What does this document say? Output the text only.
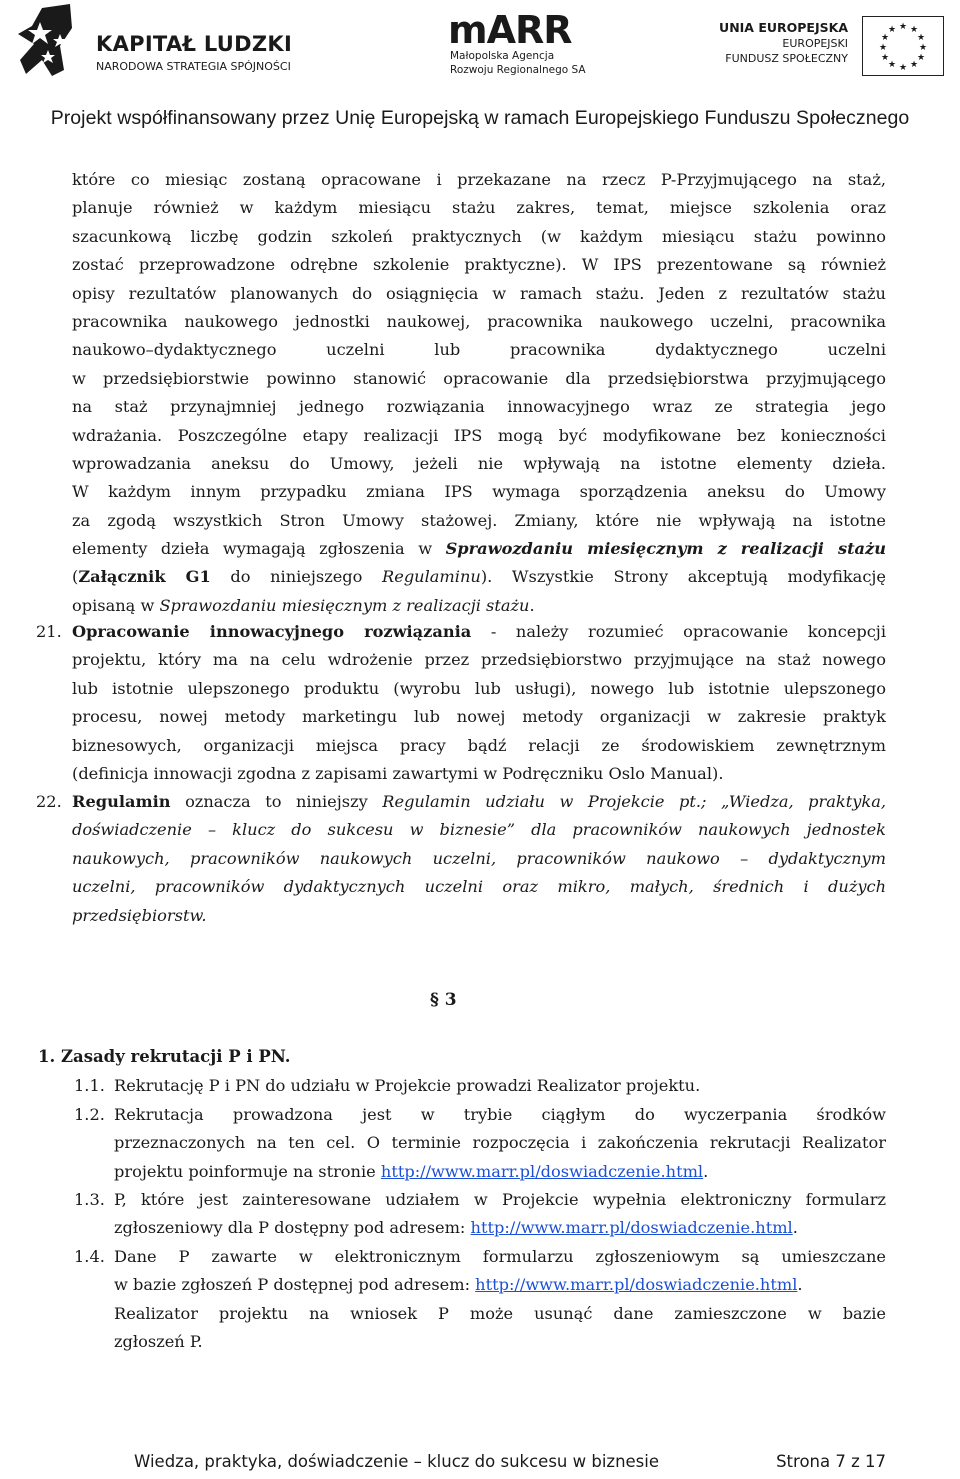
KAPITAŁ LUDZKI
NARODOWA STRATEGIA SPÓJNOŚCI
mARR
Małopolska Agencja
Rozwoju Regionalnego SA
UNIA EUROPEJSKA
EUROPEJSKI
FUNDUSZ SPOŁECZNY
★ ★
★
★
★
★
★
★
★
★
★
★
Projekt współfinansowany przez Unię Europejską w ramach Europejskiego Funduszu Społecznego
które co miesiąc zostaną opracowane i przekazane na rzecz P-Przyjmującego na staż,
planuje również w każdym miesiącu stażu zakres, temat, miejsce szkolenia oraz
szacunkową liczbę godzin szkoleń praktycznych (w każdym miesiącu stażu powinno
zostać przeprowadzone odrębne szkolenie praktyczne). W IPS prezentowane są również
opisy rezultatów planowanych do osiągnięcia w ramach stażu. Jeden z rezultatów stażu
pracownika naukowego jednostki naukowej, pracownika naukowego uczelni, pracownika
naukowo–dydaktycznego uczelni lub pracownika dydaktycznego uczelni
w przedsiębiorstwie powinno stanowić opracowanie dla przedsiębiorstwa przyjmującego
na staż przynajmniej jednego rozwiązania innowacyjnego wraz ze strategia jego
wdrażania. Poszczególne etapy realizacji IPS mogą być modyfikowane bez konieczności
wprowadzania aneksu do Umowy, jeżeli nie wpływają na istotne elementy dzieła.
W każdym innym przypadku zmiana IPS wymaga sporządzenia aneksu do Umowy
za zgodą wszystkich Stron Umowy stażowej. Zmiany, które nie wpływają na istotne
elementy dzieła wymagają zgłoszenia w Sprawozdaniu miesięcznym z realizacji stażu
(Załącznik G1 do niniejszego Regulaminu). Wszystkie Strony akceptują modyfikację
opisaną w Sprawozdaniu miesięcznym z realizacji stażu.
21. Opracowanie innowacyjnego rozwiązania - należy rozumieć opracowanie koncepcji
projektu, który ma na celu wdrożenie przez przedsiębiorstwo przyjmujące na staż nowego
lub istotnie ulepszonego produktu (wyrobu lub usługi), nowego lub istotnie ulepszonego
procesu, nowej metody marketingu lub nowej metody organizacji w zakresie praktyk
biznesowych, organizacji miejsca pracy bądź relacji ze środowiskiem zewnętrznym
(definicja innowacji zgodna z zapisami zawartymi w Podręczniku Oslo Manual).
22. Regulamin oznacza to niniejszy Regulamin udziału w Projekcie pt.; „Wiedza, praktyka,
doświadczenie – klucz do sukcesu w biznesie” dla pracowników naukowych jednostek
naukowych, pracowników naukowych uczelni, pracowników naukowo – dydaktycznym
uczelni, pracowników dydaktycznych uczelni oraz mikro, małych, średnich i dużych
przedsiębiorstw.
§ 3
1. Zasady rekrutacji P i PN.
1.1. Rekrutację P i PN do udziału w Projekcie prowadzi Realizator projektu.
1.2. Rekrutacja prowadzona jest w trybie ciągłym do wyczerpania środków
przeznaczonych na ten cel. O terminie rozpoczęcia i zakończenia rekrutacji Realizator
projektu poinformuje na stronie http://www.marr.pl/doswiadczenie.html.
1.3. P, które jest zainteresowane udziałem w Projekcie wypełnia elektroniczny formularz
zgłoszeniowy dla P dostępny pod adresem: http://www.marr.pl/doswiadczenie.html.
1.4. Dane P zawarte w elektronicznym formularzu zgłoszeniowym są umieszczane
w bazie zgłoszeń P dostępnej pod adresem: http://www.marr.pl/doswiadczenie.html.
Realizator projektu na wniosek P może usunąć dane zamieszczone w bazie
zgłoszeń P.
Wiedza, praktyka, doświadczenie – klucz do sukcesu w biznesie	Strona 7 z 17
